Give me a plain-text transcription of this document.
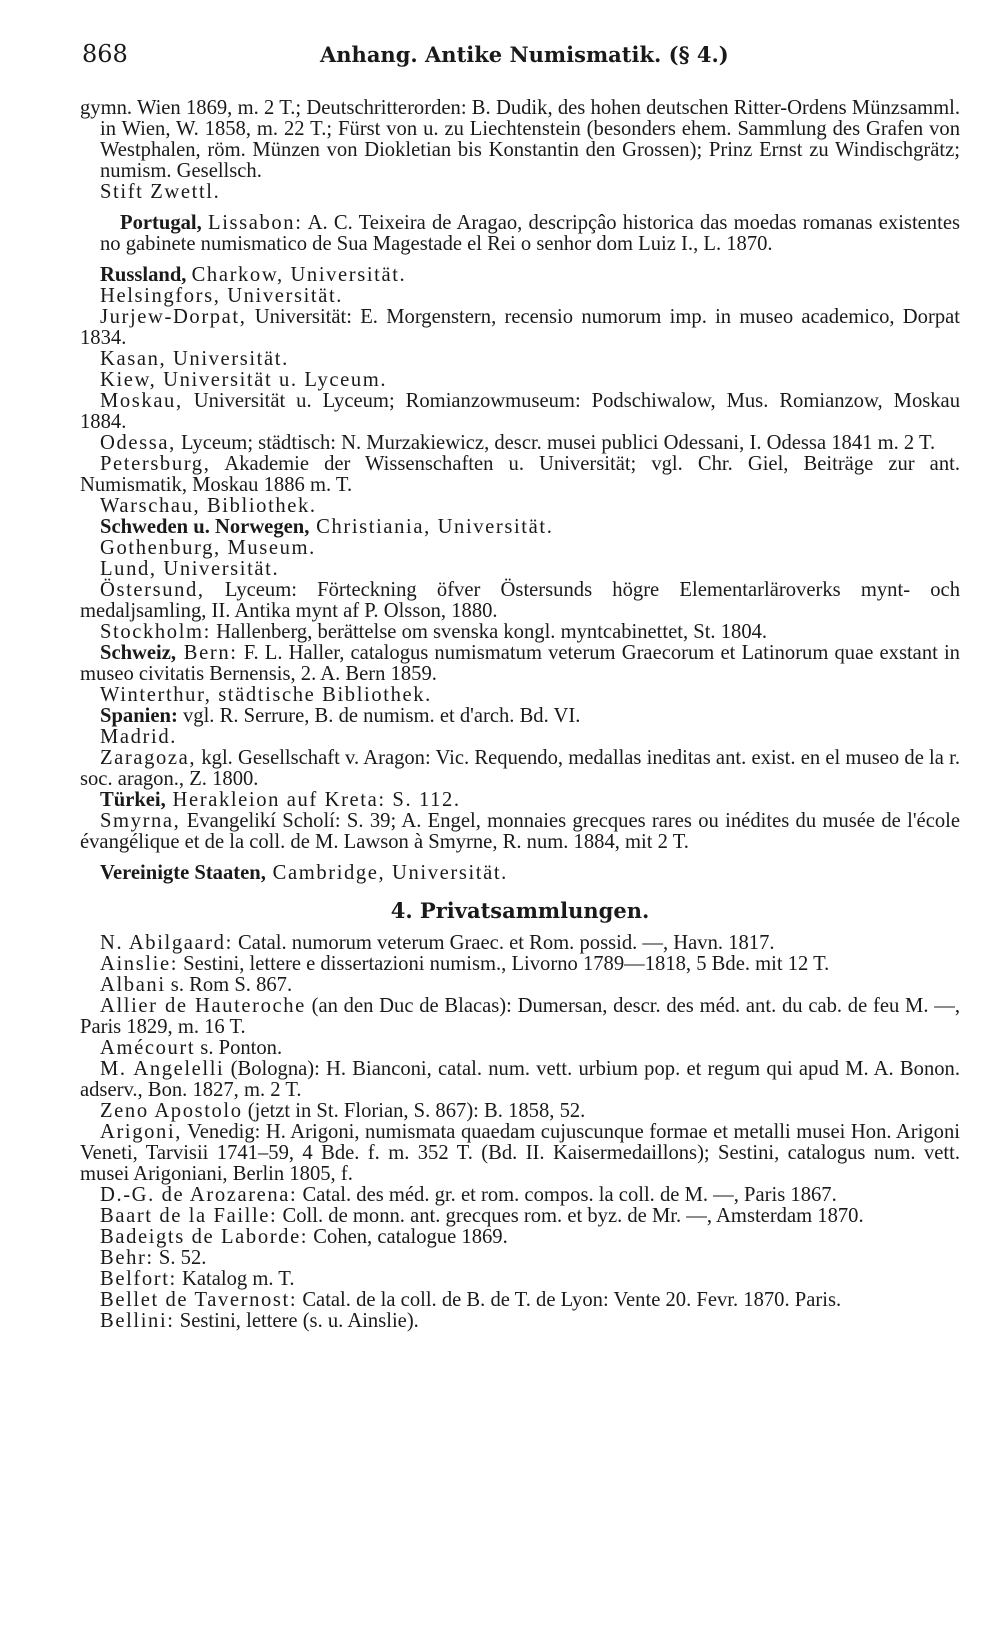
868	Anhang. Antike Numismatik. (§ 4.)

gymn. Wien 1869, m. 2 T.; Deutschritterorden: B. Dudik, des hohen deutschen Ritter-Ordens Münzsamml. in Wien, W. 1858, m. 22 T.; Fürst von u. zu Liechtenstein (besonders ehem. Sammlung des Grafen von Westphalen, röm. Münzen von Diokletian bis Konstantin den Grossen); Prinz Ernst zu Windischgrätz; numism. Gesellsch.

Stift Zwettl.

Portugal, Lissabon: A. C. Teixeira de Aragao, descripçâo historica das moedas romanas existentes no gabinete numismatico de Sua Magestade el Rei o senhor dom Luiz I., L. 1870.

Russland, Charkow, Universität.

Helsingfors, Universität.

Jurjew-Dorpat, Universität: E. Morgenstern, recensio numorum imp. in museo academico, Dorpat 1834.

Kasan, Universität.

Kiew, Universität u. Lyceum.

Moskau, Universität u. Lyceum; Romianzowmuseum: Podschiwalow, Mus. Romianzow, Moskau 1884.

Odessa, Lyceum; städtisch: N. Murzakiewicz, descr. musei publici Odessani, I. Odessa 1841 m. 2 T.

Petersburg, Akademie der Wissenschaften u. Universität; vgl. Chr. Giel, Beiträge zur ant. Numismatik, Moskau 1886 m. T.

Warschau, Bibliothek.

Schweden u. Norwegen, Christiania, Universität.

Gothenburg, Museum.

Lund, Universität.

Östersund, Lyceum: Förteckning öfver Östersunds högre Elementarläroverks mynt- och medaljsamling, II. Antika mynt af P. Olsson, 1880.

Stockholm: Hallenberg, berättelse om svenska kongl. myntcabinettet, St. 1804.

Schweiz, Bern: F. L. Haller, catalogus numismatum veterum Graecorum et Latinorum quae exstant in museo civitatis Bernensis, 2. A. Bern 1859.

Winterthur, städtische Bibliothek.

Spanien: vgl. R. Serrure, B. de numism. et d'arch. Bd. VI.

Madrid.

Zaragoza, kgl. Gesellschaft v. Aragon: Vic. Requendo, medallas ineditas ant. exist. en el museo de la r. soc. aragon., Z. 1800.

Türkei, Herakleion auf Kreta: S. 112.

Smyrna, Evangelikí Scholí: S. 39; A. Engel, monnaies grecques rares ou inédites du musée de l'école évangélique et de la coll. de M. Lawson à Smyrne, R. num. 1884, mit 2 T.

Vereinigte Staaten, Cambridge, Universität.

4. Privatsammlungen.

N. Abilgaard: Catal. numorum veterum Graec. et Rom. possid. —, Havn. 1817.

Ainslie: Sestini, lettere e dissertazioni numism., Livorno 1789—1818, 5 Bde. mit 12 T.

Albani s. Rom S. 867.

Allier de Hauteroche (an den Duc de Blacas): Dumersan, descr. des méd. ant. du cab. de feu M. —, Paris 1829, m. 16 T.

Amécourt s. Ponton.

M. Angelelli (Bologna): H. Bianconi, catal. num. vett. urbium pop. et regum qui apud M. A. Bonon. adserv., Bon. 1827, m. 2 T.

Zeno Apostolo (jetzt in St. Florian, S. 867): B. 1858, 52.

Arigoni, Venedig: H. Arigoni, numismata quaedam cujuscunque formae et metalli musei Hon. Arigoni Veneti, Tarvisii 1741–59, 4 Bde. f. m. 352 T. (Bd. II. Kaisermedaillons); Sestini, catalogus num. vett. musei Arigoniani, Berlin 1805, f.

D.-G. de Arozarena: Catal. des méd. gr. et rom. compos. la coll. de M. —, Paris 1867.

Baart de la Faille: Coll. de monn. ant. grecques rom. et byz. de Mr. —, Amsterdam 1870.

Badeigts de Laborde: Cohen, catalogue 1869.

Behr: S. 52.

Belfort: Katalog m. T.

Bellet de Tavernost: Catal. de la coll. de B. de T. de Lyon: Vente 20. Fevr. 1870. Paris.

Bellini: Sestini, lettere (s. u. Ainslie).
